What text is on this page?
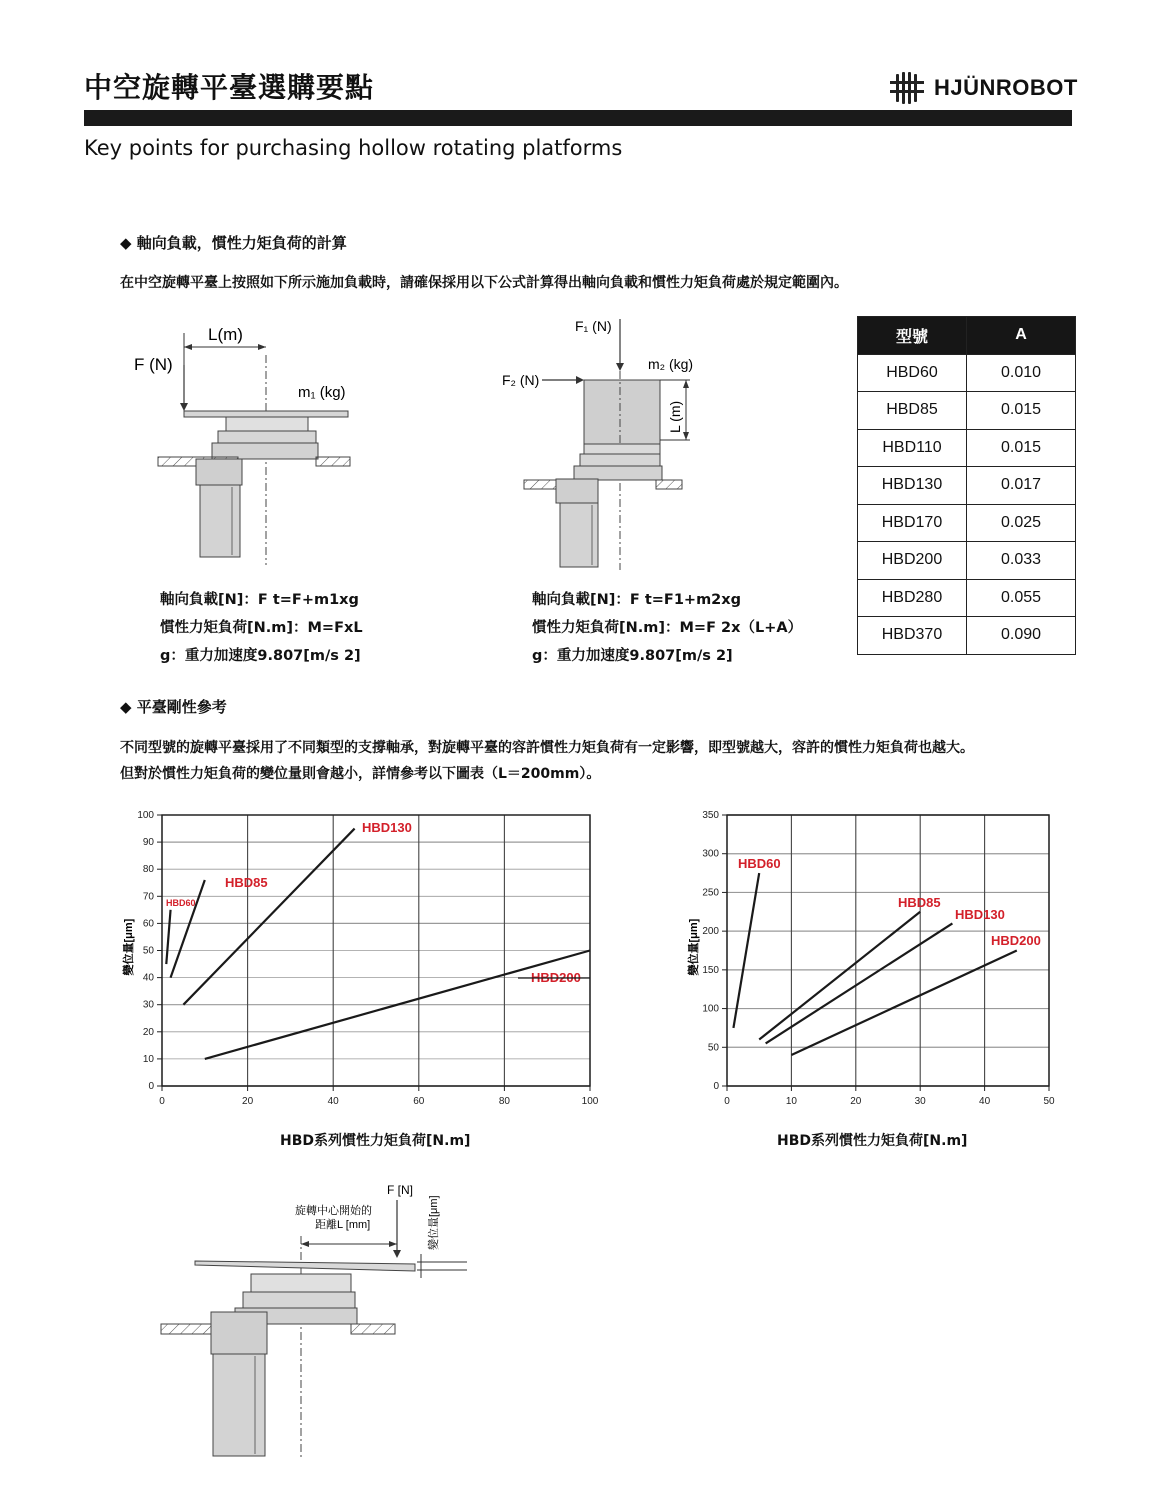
中空旋轉平臺選購要點	HJÜNROBOT
Key points for purchasing hollow rotating platforms
◆ 軸向負載，慣性力矩負荷的計算
在中空旋轉平臺上按照如下所示施加負載時，請確保採用以下公式計算得出軸向負載和慣性力矩負荷處於規定範圍內。
L(m)
F (N)
m₁ (kg)
F₁ (N)
m₂ (kg)
F₂ (N)
L (m)
軸向負載[N]：F t=F+m1xg
慣性力矩負荷[N.m]：M=FxL
g：重力加速度9.807[m/s 2]
軸向負載[N]：F t=F1+m2xg
慣性力矩負荷[N.m]：M=F 2x（L+A）
g：重力加速度9.807[m/s 2]
型號	A
HBD60	0.010
HBD85	0.015
HBD110	0.015
HBD130	0.017
HBD170	0.025
HBD200	0.033
HBD280	0.055
HBD370	0.090
◆ 平臺剛性參考
不同型號的旋轉平臺採用了不同類型的支撐軸承，對旋轉平臺的容許慣性力矩負荷有一定影響，即型號越大，容許的慣性力矩負荷也越大。
但對於慣性力矩負荷的變位量則會越小，詳情參考以下圖表（L＝200mm）。
0
10
20
30
40
50
60
70
80
90
100
0	20	40	60	80	100
變位量[μm]
HBD60
HBD85
HBD130
HBD200
HBD系列慣性力矩負荷[N.m]
0
50
100
150
200
250
300
350
0	10	20	30	40	50
變位量[μm]
HBD60
HBD85
HBD130
HBD200
HBD系列慣性力矩負荷[N.m]
F [N]
旋轉中心開始的
距離L [mm]	變位量[μm]
